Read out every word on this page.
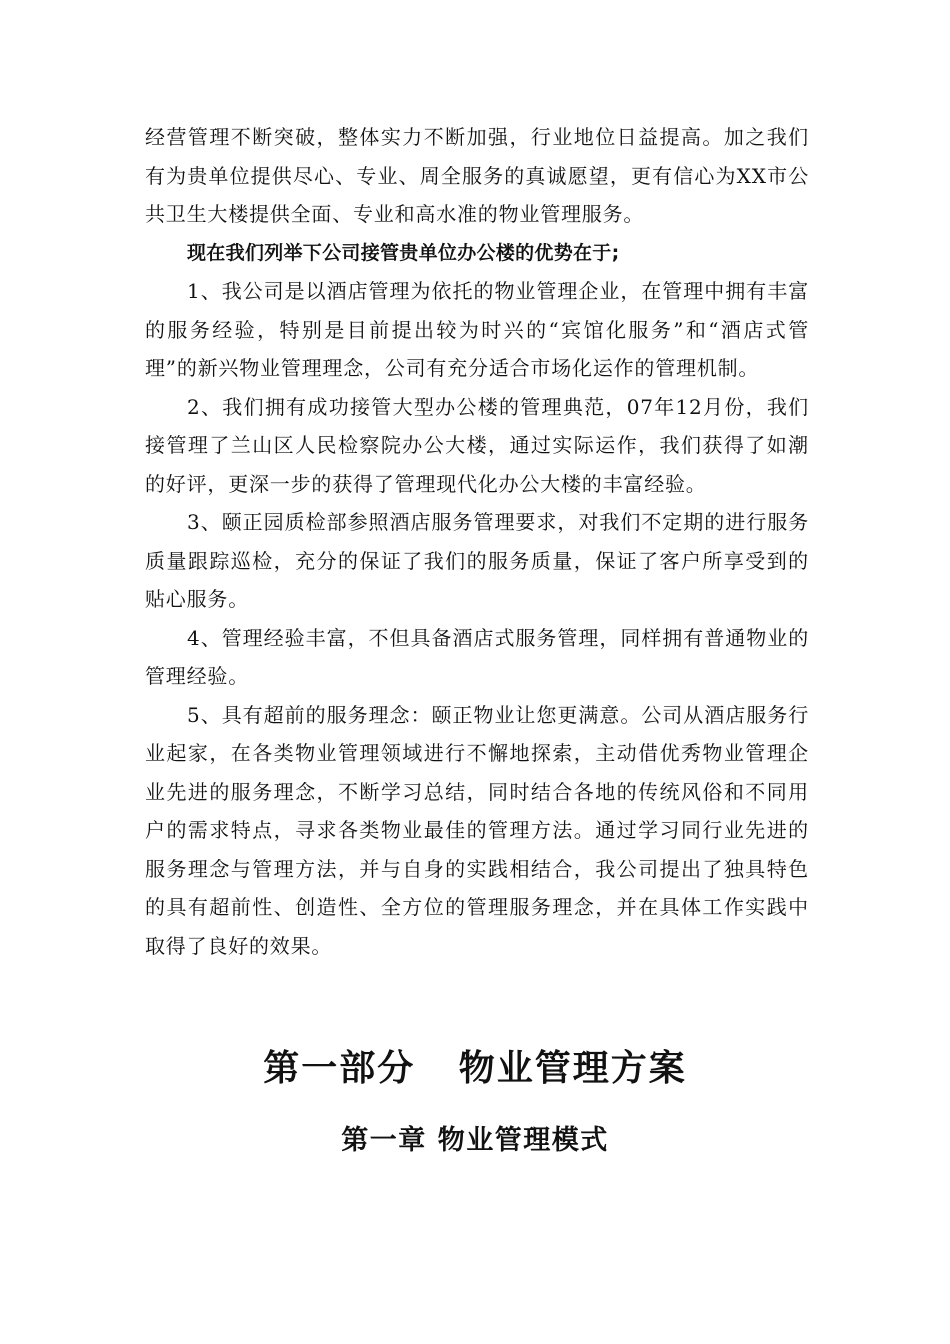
经营管理不断突破，整体实力不断加强，行业地位日益提高。加之我们有为贵单位提供尽心、专业、周全服务的真诚愿望，更有信心为XX市公共卫生大楼提供全面、专业和高水准的物业管理服务。

现在我们列举下公司接管贵单位办公楼的优势在于;

1、我公司是以酒店管理为依托的物业管理企业，在管理中拥有丰富的服务经验，特别是目前提出较为时兴的“宾馆化服务”和“酒店式管理”的新兴物业管理理念，公司有充分适合市场化运作的管理机制。

2、我们拥有成功接管大型办公楼的管理典范，07年12月份，我们接管理了兰山区人民检察院办公大楼，通过实际运作，我们获得了如潮的好评，更深一步的获得了管理现代化办公大楼的丰富经验。

3、颐正园质检部参照酒店服务管理要求，对我们不定期的进行服务质量跟踪巡检，充分的保证了我们的服务质量，保证了客户所享受到的贴心服务。

4、管理经验丰富，不但具备酒店式服务管理，同样拥有普通物业的管理经验。

5、具有超前的服务理念：颐正物业让您更满意。公司从酒店服务行业起家，在各类物业管理领域进行不懈地探索，主动借优秀物业管理企业先进的服务理念，不断学习总结，同时结合各地的传统风俗和不同用户的需求特点，寻求各类物业最佳的管理方法。通过学习同行业先进的服务理念与管理方法，并与自身的实践相结合，我公司提出了独具特色的具有超前性、创造性、全方位的管理服务理念，并在具体工作实践中取得了良好的效果。

第一部分   物业管理方案
第一章 物业管理模式
